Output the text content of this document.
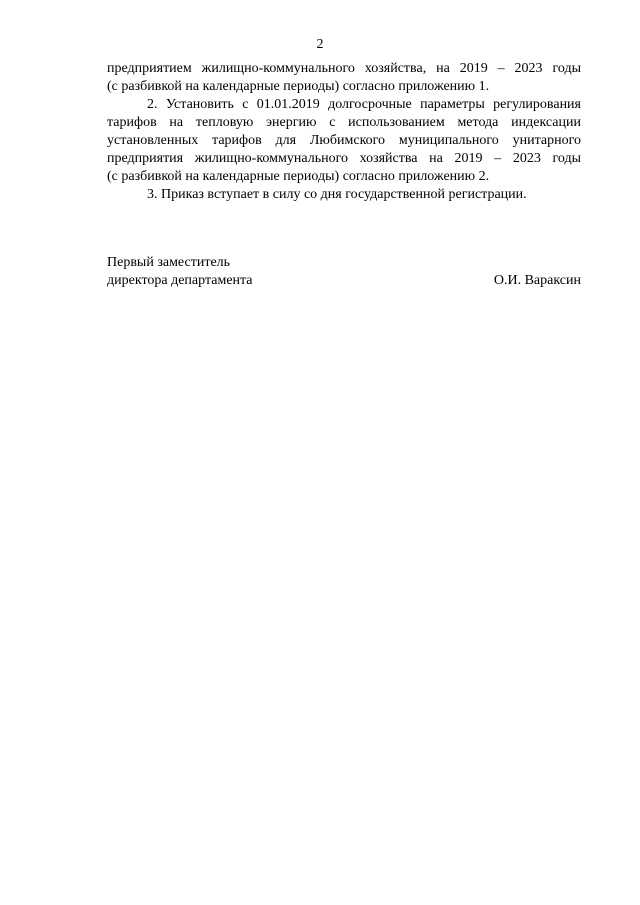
2
предприятием жилищно-коммунального хозяйства, на 2019 – 2023 годы
(с разбивкой на календарные периоды) согласно приложению 1.
2. Установить с 01.01.2019 долгосрочные параметры регулирования
тарифов на тепловую энергию с использованием метода индексации
установленных тарифов для Любимского муниципального унитарного
предприятия жилищно-коммунального хозяйства на 2019 – 2023 годы
(с разбивкой на календарные периоды) согласно приложению 2.
3. Приказ вступает в силу со дня государственной регистрации.
Первый заместитель
директора департамента	О.И. Вараксин
